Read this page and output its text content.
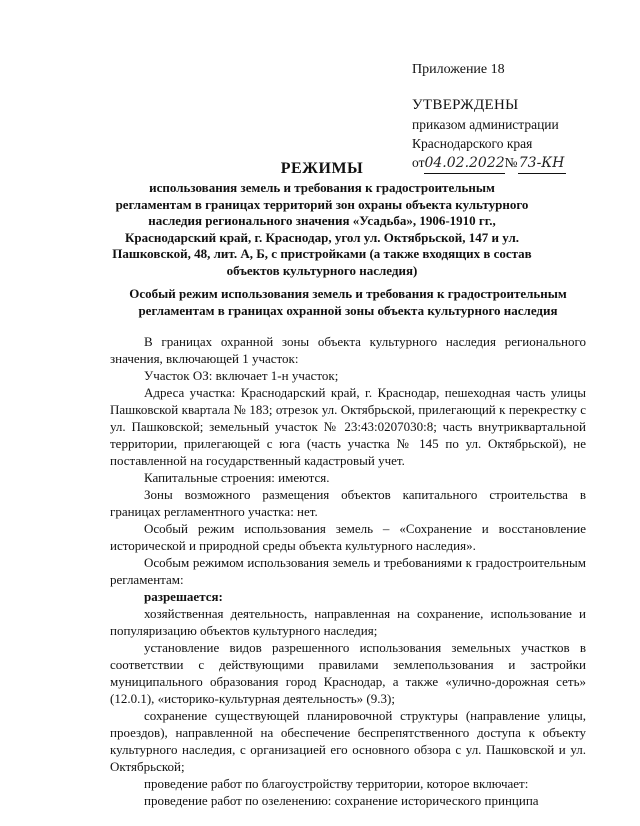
Приложение 18
УТВЕРЖДЕНЫ
приказом администрации
Краснодарского края
от04.02.2022№73-КН
РЕЖИМЫ
использования земель и требования к градостроительным регламентам в границах территорий зон охраны объекта культурного наследия регионального значения «Усадьба», 1906-1910 гг., Краснодарский край, г. Краснодар, угол ул. Октябрьской, 147 и ул. Пашковской, 48, лит. А, Б, с пристройками (а также входящих в состав объектов культурного наследия)
Особый режим использования земель и требования к градостроительным регламентам в границах охранной зоны объекта культурного наследия

В границах охранной зоны объекта культурного наследия регионального значения, включающей 1 участок:

Участок ОЗ: включает 1-н участок;

Адреса участка: Краснодарский край, г. Краснодар, пешеходная часть улицы Пашковской квартала № 183; отрезок ул. Октябрьской, прилегающий к перекрестку с ул. Пашковской; земельный участок № 23:43:0207030:8; часть внутриквартальной территории, прилегающей с юга (часть участка № 145 по ул. Октябрьской), не поставленной на государственный кадастровый учет.

Капитальные строения: имеются.

Зоны возможного размещения объектов капитального строительства в границах регламентного участка: нет.

Особый режим использования земель – «Сохранение и восстановление исторической и природной среды объекта культурного наследия».

Особым режимом использования земель и требованиями к градостроительным регламентам:

разрешается:

хозяйственная деятельность, направленная на сохранение, использование и популяризацию объектов культурного наследия;

установление видов разрешенного использования земельных участков в соответствии с действующими правилами землепользования и застройки муниципального образования город Краснодар, а также «улично-дорожная сеть» (12.0.1), «историко-культурная деятельность» (9.3);

сохранение существующей планировочной структуры (направление улицы, проездов), направленной на обеспечение беспрепятственного доступа к объекту культурного наследия, с организацией его основного обзора с ул. Пашковской и ул. Октябрьской;

проведение работ по благоустройству территории, которое включает:

проведение работ по озеленению: сохранение исторического принципа
